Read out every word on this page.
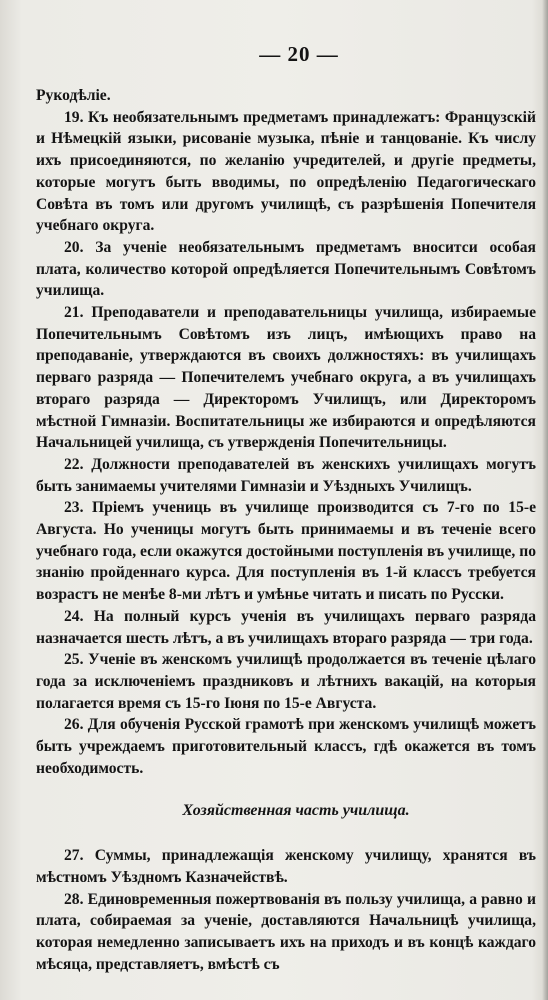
— 20 —

Рукодѣліе.

19. Къ необязательнымъ предметамъ принадлежатъ: Французскій и Нѣмецкій языки, рисованіе музыка, пѣніе и танцованіе. Къ числу ихъ присоединяются, по желанію учредителей, и другіе предметы, которые могутъ быть вводимы, по опредѣленію Педагогическаго Совѣта въ томъ или другомъ училищѣ, съ разрѣшенія Попечителя учебнаго округа.

20. За ученіе необязательнымъ предметамъ вноситси особая плата, количество которой опредѣляется Попечительнымъ Совѣтомъ училища.

21. Преподаватели и преподавательницы училища, избираемые Попечительнымъ Совѣтомъ изъ лицъ, имѣющихъ право на преподаваніе, утверждаются въ своихъ должностяхъ: въ училищахъ перваго разряда — Попечителемъ учебнаго округа, а въ училищахъ втораго разряда — Директоромъ Училищъ, или Директоромъ мѣстной Гимназіи. Воспитательницы же избираются и опредѣляются Начальницей училища, съ утвержденія Попечительницы.

22. Должности преподавателей въ женскихъ училищахъ могутъ быть занимаемы учителями Гимназіи и Уѣздныхъ Училищъ.

23. Пріемъ учениць въ училище производится съ 7-го по 15-е Августа. Но ученицы могутъ быть принимаемы и въ теченіе всего учебнаго года, если окажутся достойными поступленія въ училище, по знанію пройденнаго курса. Для поступленія въ 1-й классъ требуется возрастъ не менѣе 8-ми лѣтъ и умѣнье читать и писать по Русски.

24. На полный курсъ ученія въ училищахъ перваго разряда назначается шесть лѣтъ, а въ училищахъ втораго разряда — три года.

25. Ученіе въ женскомъ училищѣ продолжается въ теченіе цѣлаго года за исключеніемъ праздниковъ и лѣтнихъ вакацій, на которыя полагается время съ 15-го Іюня по 15-е Августа.

26. Для обученія Русской грамотѣ при женскомъ училищѣ можетъ быть учреждаемъ приготовительный классъ, гдѣ окажется въ томъ необходимость.

Хозяйственная часть училища.

27. Суммы, принадлежащія женскому училищу, хранятся въ мѣстномъ Уѣздномъ Казначействѣ.

28. Единовременныя пожертвованія въ пользу училища, а равно и плата, собираемая за ученіе, доставляются Начальницѣ училища, которая немедленно записываетъ ихъ на приходъ и въ концѣ каждаго мѣсяца, представляетъ, вмѣстѣ съ
